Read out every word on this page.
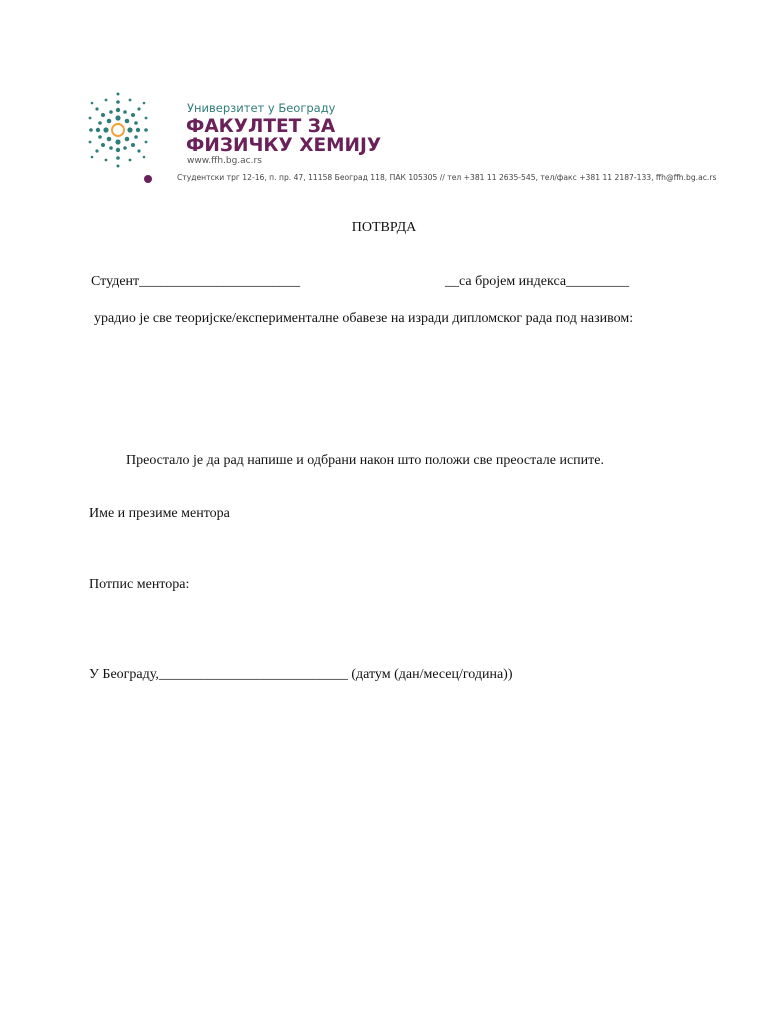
Универзитет у Београду
ФАКУЛТЕТ ЗА
ФИЗИЧКУ ХЕМИЈУ
www.ffh.bg.ac.rs
Студентски трг 12-16, п. пр. 47, 11158 Београд 118, ПАК 105305 // тел +381 11 2635-545, тел/факс +381 11 2187-133, ffh@ffh.bg.ac.rs
ПОТВРДА
Студент_______________________	__са бројем индекса_________
урадио је све теоријске/експерименталне обавезе на изради дипломског рада под називом:
Преостало је да рад напише и одбрани након што положи све преостале испите.
Име и презиме ментора
Потпис ментора:
У Београду,___________________________ (датум (дан/месец/година))
